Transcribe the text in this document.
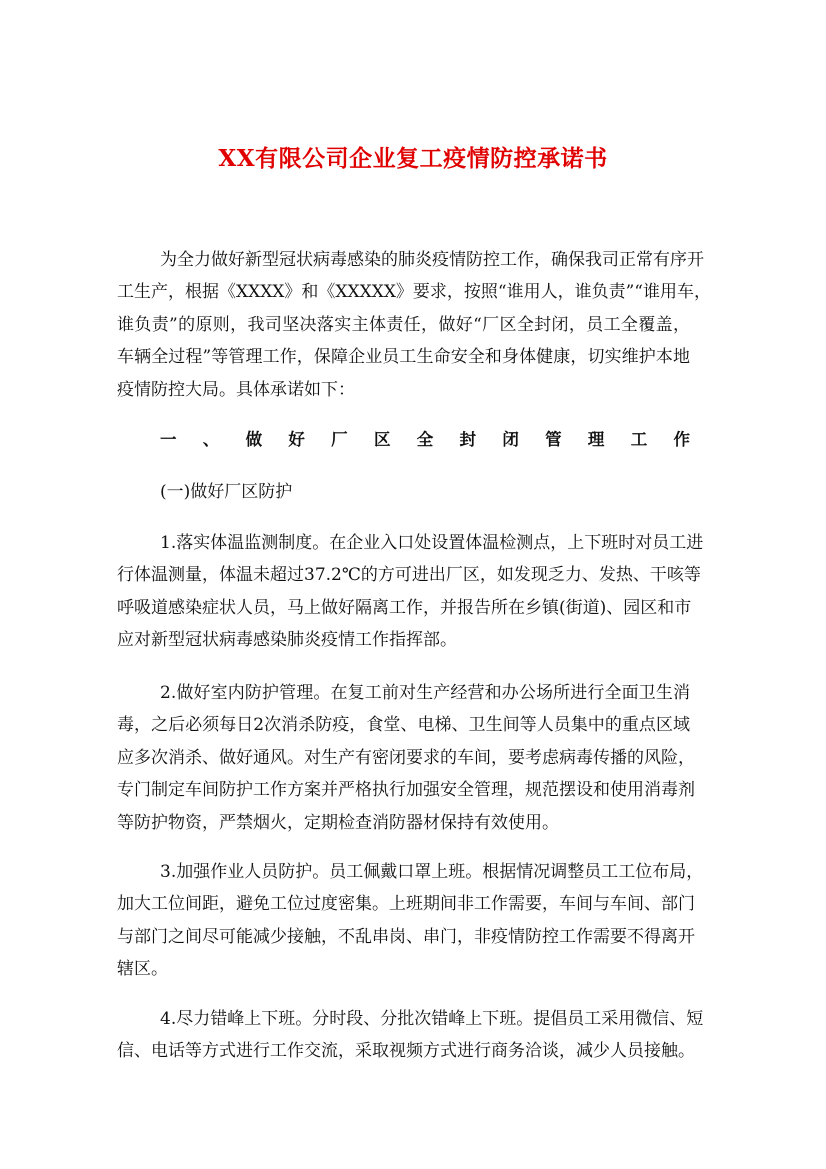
XX有限公司企业复工疫情防控承诺书
为全力做好新型冠状病毒感染的肺炎疫情防控工作，确保我司正常有序开
工生产，根据《XXXX》和《XXXXX》要求，按照“谁用人，谁负责”“谁用车，
谁负责”的原则，我司坚决落实主体责任，做好“厂区全封闭，员工全覆盖，
车辆全过程”等管理工作，保障企业员工生命安全和身体健康，切实维护本地
疫情防控大局。具体承诺如下：
一、做好厂区全封闭管理工作
(一)做好厂区防护
1.落实体温监测制度。在企业入口处设置体温检测点，上下班时对员工进
行体温测量，体温未超过37.2℃的方可进出厂区，如发现乏力、发热、干咳等
呼吸道感染症状人员，马上做好隔离工作，并报告所在乡镇(街道)、园区和市
应对新型冠状病毒感染肺炎疫情工作指挥部。
2.做好室内防护管理。在复工前对生产经营和办公场所进行全面卫生消
毒，之后必须每日2次消杀防疫，食堂、电梯、卫生间等人员集中的重点区域
应多次消杀、做好通风。对生产有密闭要求的车间，要考虑病毒传播的风险，
专门制定车间防护工作方案并严格执行加强安全管理，规范摆设和使用消毒剂
等防护物资，严禁烟火，定期检查消防器材保持有效使用。
3.加强作业人员防护。员工佩戴口罩上班。根据情况调整员工工位布局，
加大工位间距，避免工位过度密集。上班期间非工作需要，车间与车间、部门
与部门之间尽可能减少接触，不乱串岗、串门，非疫情防控工作需要不得离开
辖区。
4.尽力错峰上下班。分时段、分批次错峰上下班。提倡员工采用微信、短
信、电话等方式进行工作交流，采取视频方式进行商务洽谈，减少人员接触。
